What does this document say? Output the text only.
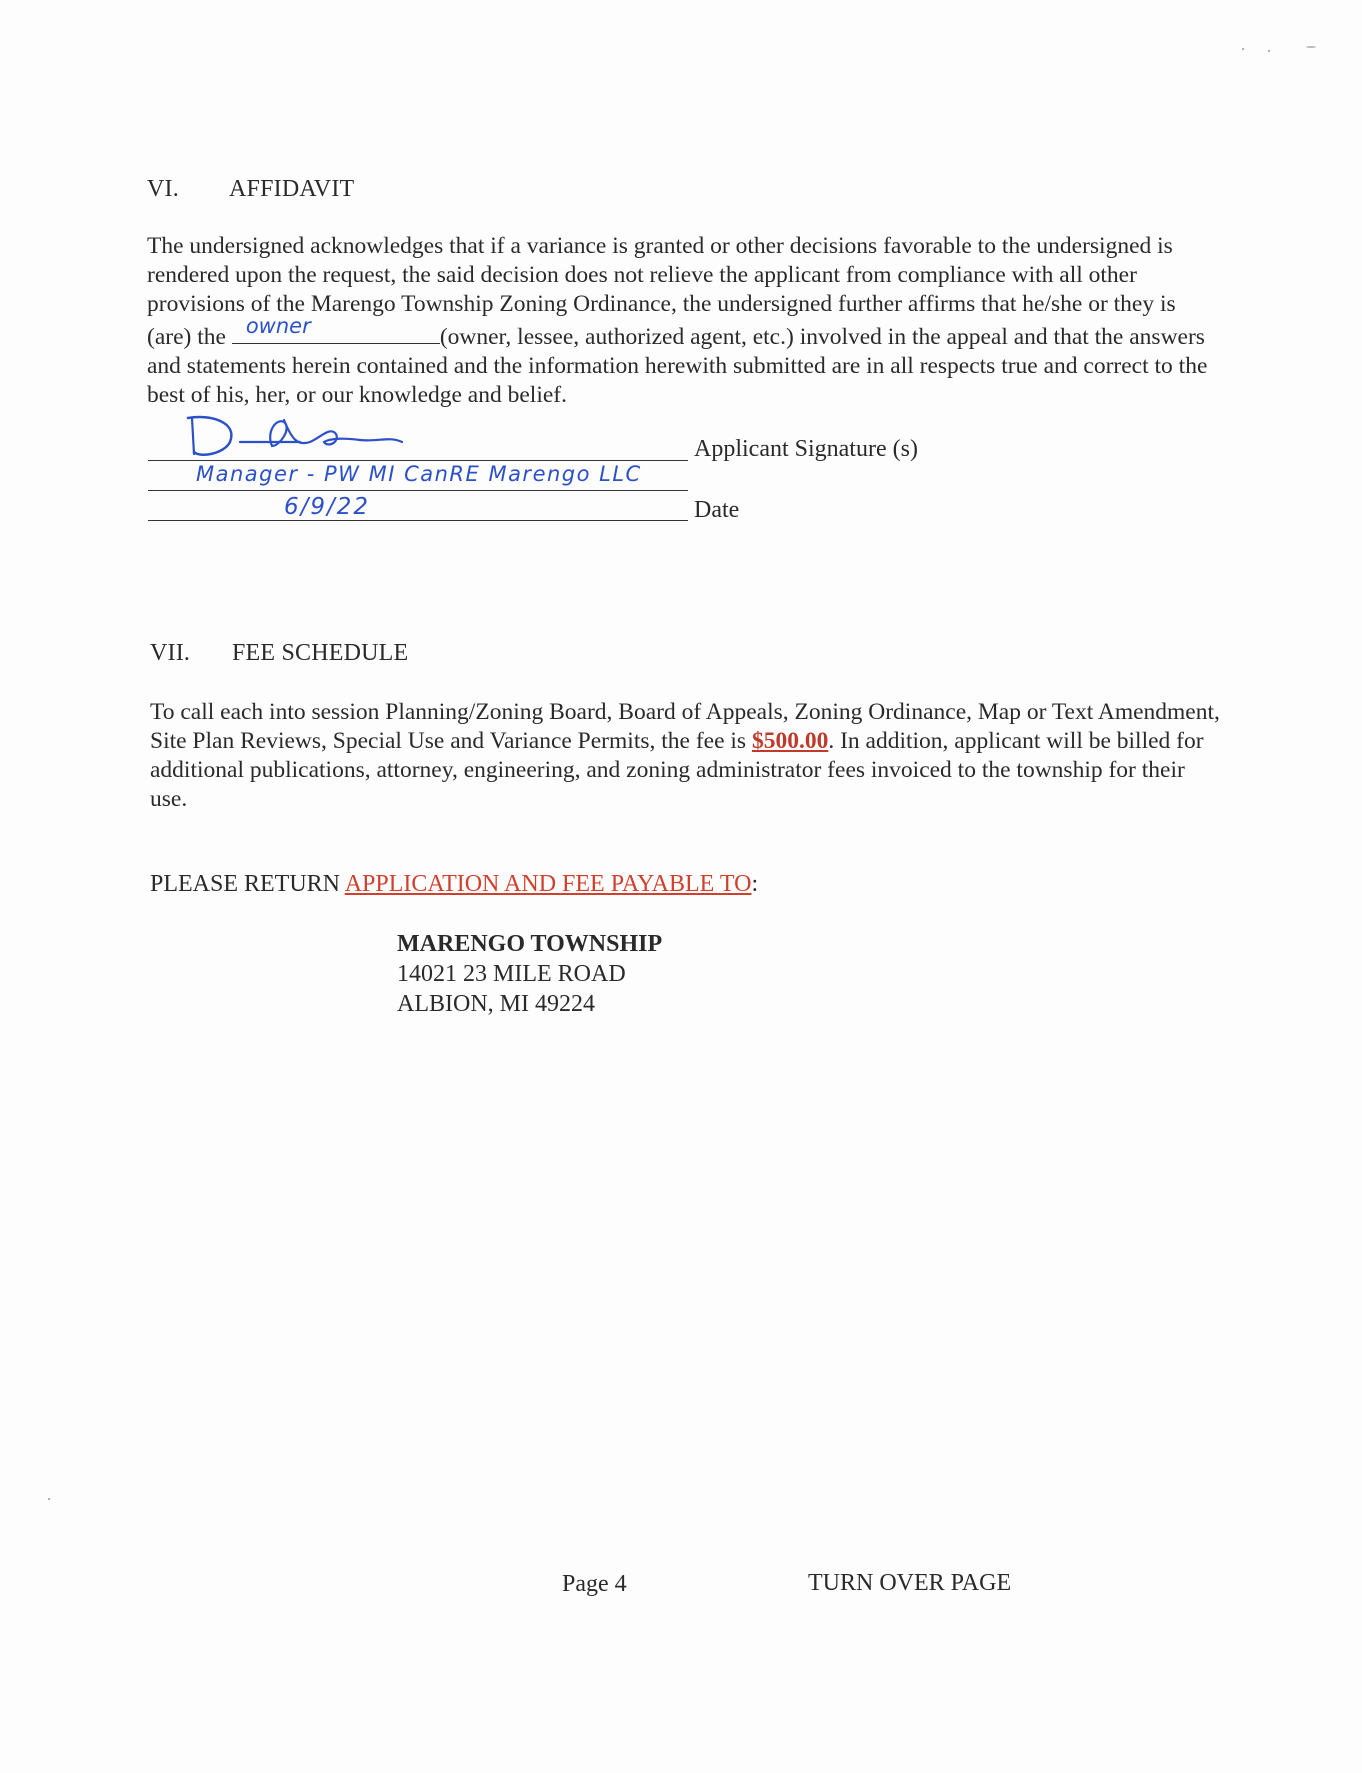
VI. AFFIDAVIT
The undersigned acknowledges that if a variance is granted or other decisions favorable to the undersigned is
rendered upon the request, the said decision does not relieve the applicant from compliance with all other
provisions of the Marengo Township Zoning Ordinance, the undersigned further affirms that he/she or they is
(are) the owner	(owner, lessee, authorized agent, etc.) involved in the appeal and that the answers
and statements herein contained and the information herewith submitted are in all respects true and correct to the
best of his, her, or our knowledge and belief.
Applicant Signature (s)
Manager - PW MI CanRE Marengo LLC
6/9/22	Date
VII. FEE SCHEDULE
To call each into session Planning/Zoning Board, Board of Appeals, Zoning Ordinance, Map or Text Amendment,
Site Plan Reviews, Special Use and Variance Permits, the fee is $500.00. In addition, applicant will be billed for
additional publications, attorney, engineering, and zoning administrator fees invoiced to the township for their
use.
PLEASE RETURN APPLICATION AND FEE PAYABLE TO:
MARENGO TOWNSHIP
14021 23 MILE ROAD
ALBION, MI 49224
Page 4	TURN OVER PAGE
